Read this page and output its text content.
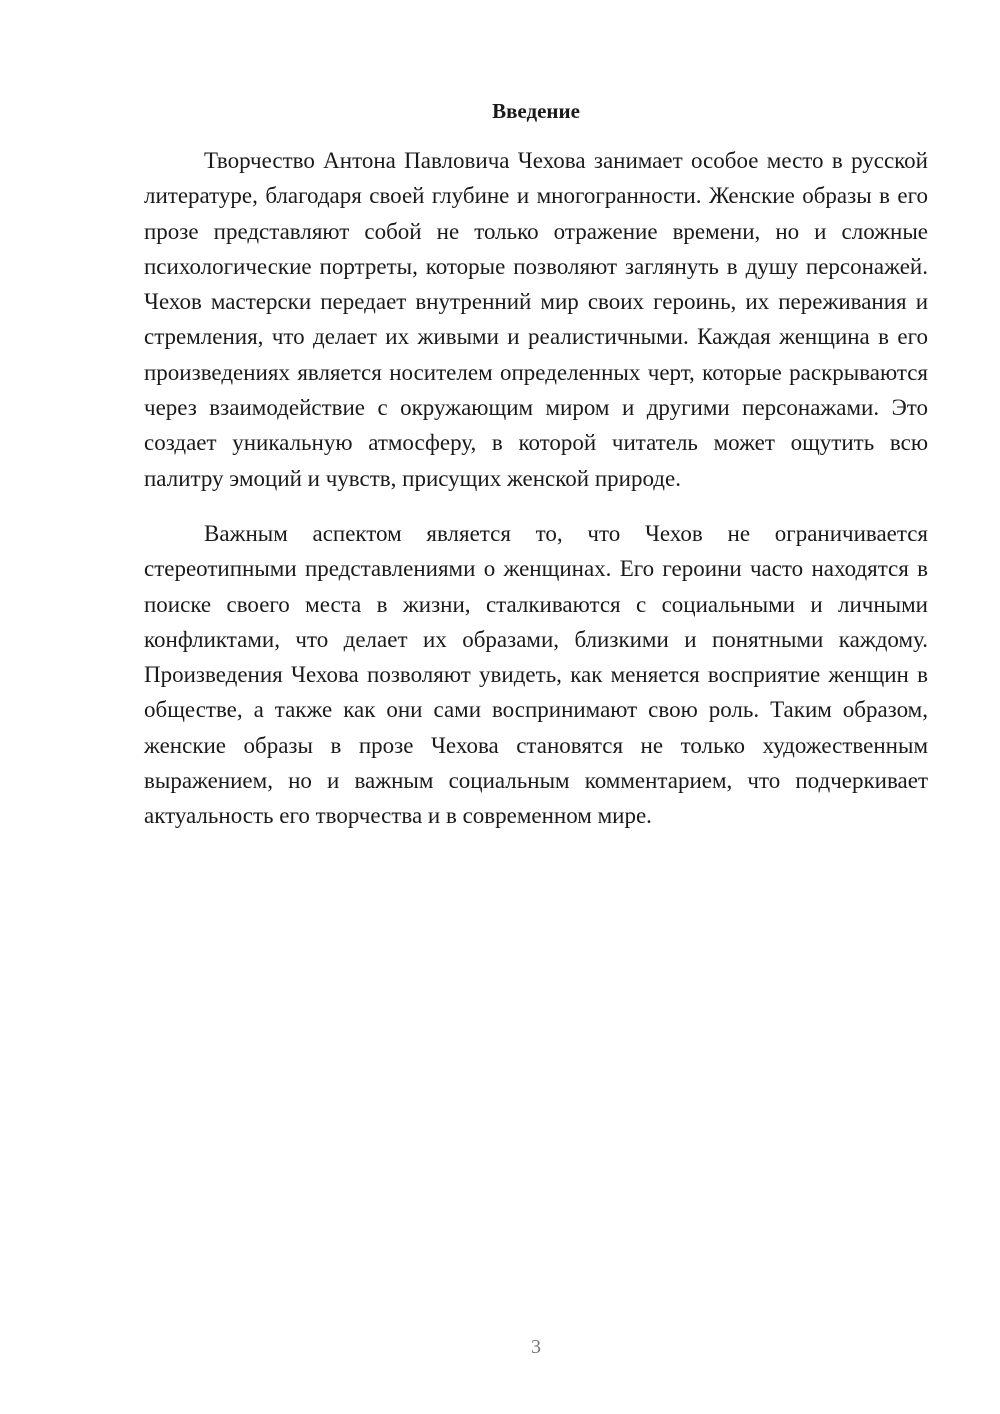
Введение

Творчество Антона Павловича Чехова занимает особое место в русской литературе, благодаря своей глубине и многогранности. Женские образы в его прозе представляют собой не только отражение времени, но и сложные психологические портреты, которые позволяют заглянуть в душу персонажей. Чехов мастерски передает внутренний мир своих героинь, их переживания и стремления, что делает их живыми и реалистичными. Каждая женщина в его произведениях является носителем определенных черт, которые раскрываются через взаимодействие с окружающим миром и другими персонажами. Это создает уникальную атмосферу, в которой читатель может ощутить всю палитру эмоций и чувств, присущих женской природе.

Важным аспектом является то, что Чехов не ограничивается стереотипными представлениями о женщинах. Его героини часто находятся в поиске своего места в жизни, сталкиваются с социальными и личными конфликтами, что делает их образами, близкими и понятными каждому. Произведения Чехова позволяют увидеть, как меняется восприятие женщин в обществе, а также как они сами воспринимают свою роль. Таким образом, женские образы в прозе Чехова становятся не только художественным выражением, но и важным социальным комментарием, что подчеркивает актуальность его творчества и в современном мире.

3
